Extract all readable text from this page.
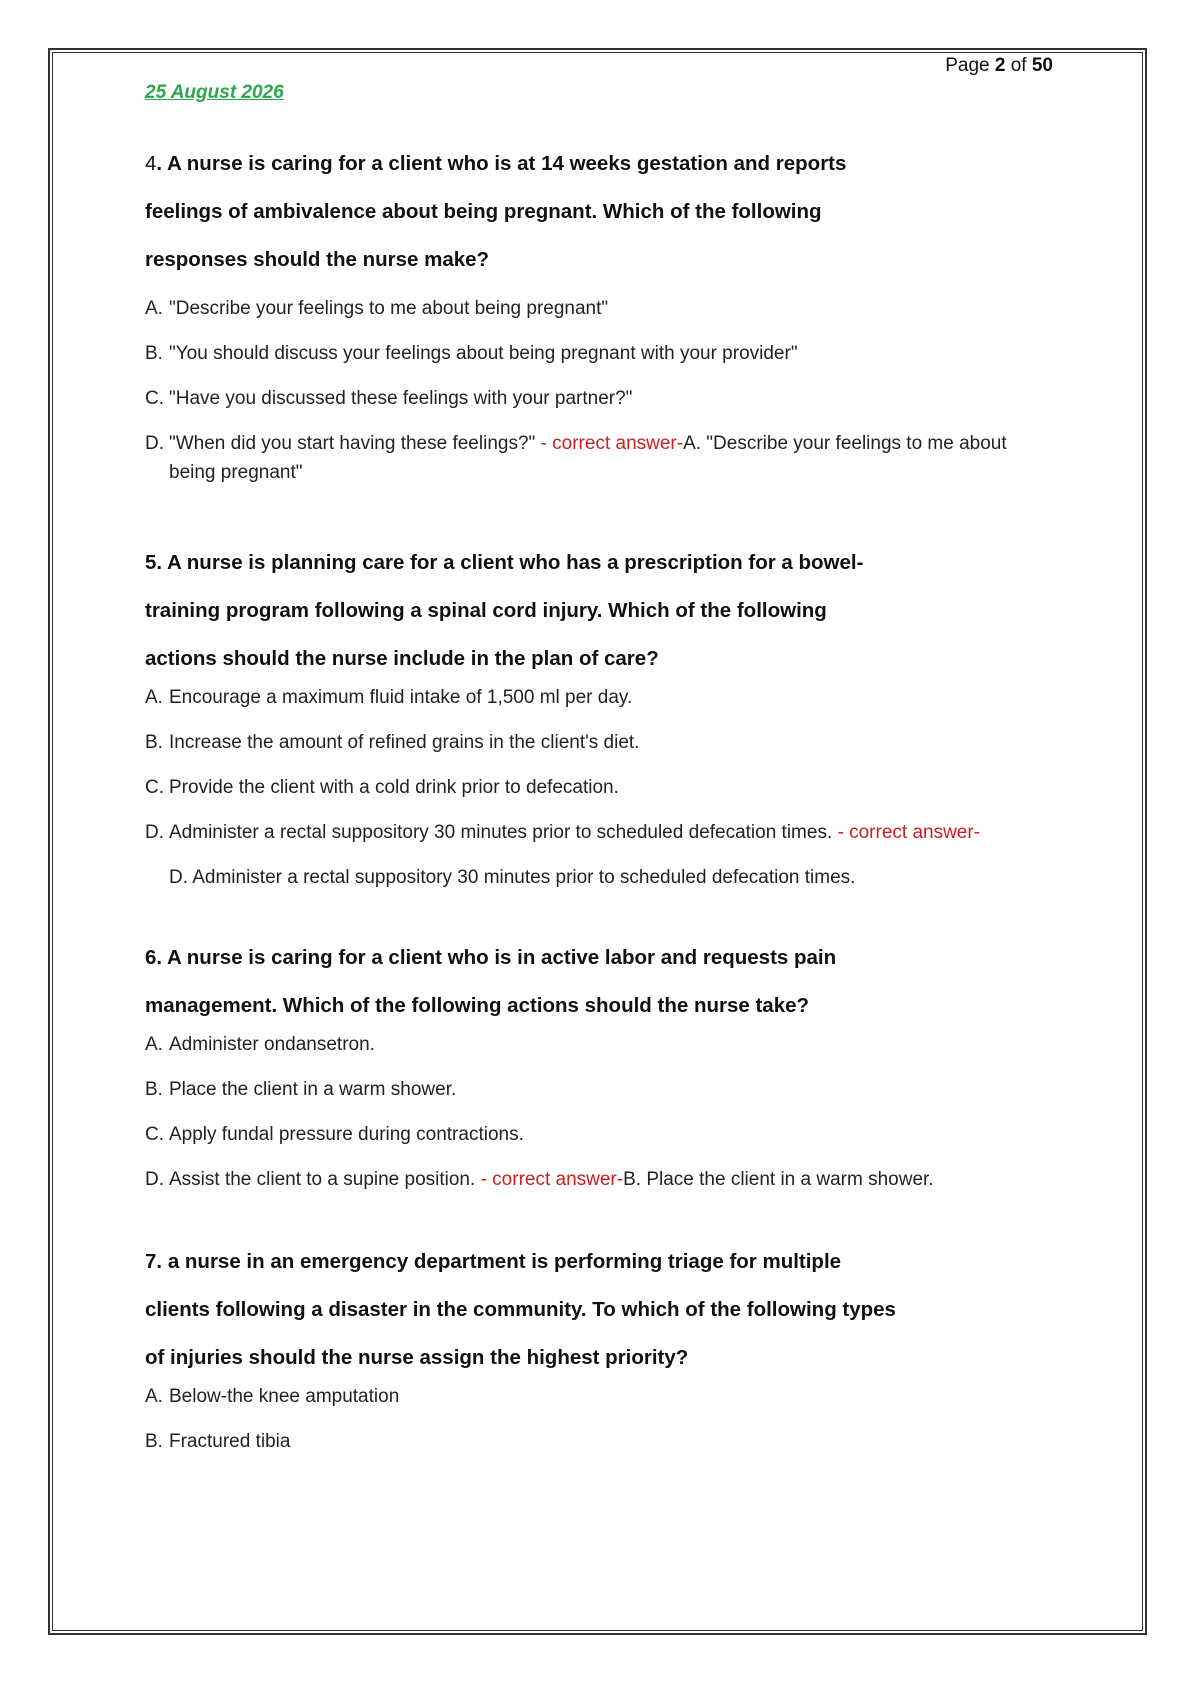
Page 2 of 50
25 August 2026

4. A nurse is caring for a client who is at 14 weeks gestation and reports

feelings of ambivalence about being pregnant. Which of the following

responses should the nurse make?

A. "Describe your feelings to me about being pregnant"
B. "You should discuss your feelings about being pregnant with your provider"
C. "Have you discussed these feelings with your partner?"
D. "When did you start having these feelings?" - correct answer-A. "Describe your feelings to me about being pregnant"

5. A nurse is planning care for a client who has a prescription for a bowel-

training program following a spinal cord injury. Which of the following

actions should the nurse include in the plan of care?

A. Encourage a maximum fluid intake of 1,500 ml per day.
B. Increase the amount of refined grains in the client's diet.
C. Provide the client with a cold drink prior to defecation.
D. Administer a rectal suppository 30 minutes prior to scheduled defecation times. - correct answer-

D. Administer a rectal suppository 30 minutes prior to scheduled defecation times.

6. A nurse is caring for a client who is in active labor and requests pain

management. Which of the following actions should the nurse take?

A. Administer ondansetron.
B. Place the client in a warm shower.
C. Apply fundal pressure during contractions.
D. Assist the client to a supine position. - correct answer-B. Place the client in a warm shower.

7. a nurse in an emergency department is performing triage for multiple

clients following a disaster in the community. To which of the following types

of injuries should the nurse assign the highest priority?

A. Below-the knee amputation
B. Fractured tibia
